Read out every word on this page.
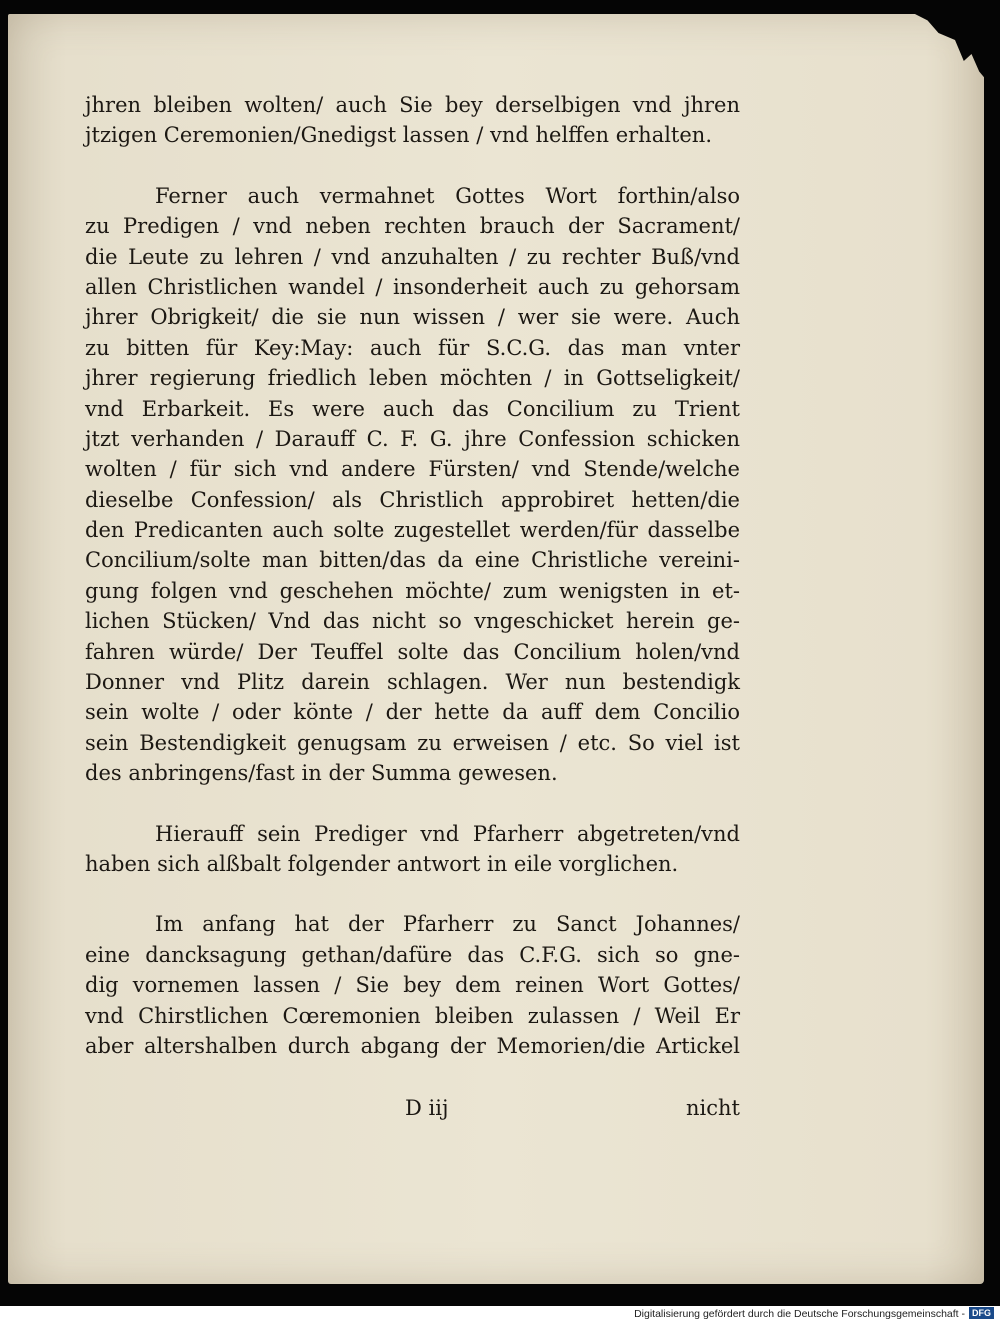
jhren bleiben wolten/ auch Sie bey derselbigen vnd jhren
jtzigen Ceremonien/Gnedigst lassen / vnd helffen erhalten.
Ferner auch vermahnet Gottes Wort forthin/also
zu Predigen / vnd neben rechten brauch der Sacrament/
die Leute zu lehren / vnd anzuhalten / zu rechter Buß/vnd
allen Christlichen wandel / insonderheit auch zu gehorsam
jhrer Obrigkeit/ die sie nun wissen / wer sie were. Auch
zu bitten für Key:May: auch für S.C.G. das man vnter
jhrer regierung friedlich leben möchten / in Gottseligkeit/
vnd Erbarkeit. Es were auch das Concilium zu Trient
jtzt verhanden / Darauff C. F. G. jhre Confession schicken
wolten / für sich vnd andere Fürsten/ vnd Stende/welche
dieselbe Confession/ als Christlich approbiret hetten/die
den Predicanten auch solte zugestellet werden/für dasselbe
Concilium/solte man bitten/das da eine Christliche vereini-
gung folgen vnd geschehen möchte/ zum wenigsten in et-
lichen Stücken/ Vnd das nicht so vngeschicket herein ge-
fahren würde/ Der Teuffel solte das Concilium holen/vnd
Donner vnd Plitz darein schlagen. Wer nun bestendigk
sein wolte / oder könte / der hette da auff dem Concilio
sein Bestendigkeit genugsam zu erweisen / etc. So viel ist
des anbringens/fast in der Summa gewesen.
Hierauff sein Prediger vnd Pfarherr abgetreten/vnd
haben sich alßbalt folgender antwort in eile vorglichen.
Im anfang hat der Pfarherr zu Sanct Johannes/
eine dancksagung gethan/dafüre das C.F.G. sich so gne-
dig vornemen lassen / Sie bey dem reinen Wort Gottes/
vnd Chirstlichen Cœremonien bleiben zulassen / Weil Er
aber altershalben durch abgang der Memorien/die Artickel
D iij	nicht
Digitalisierung gefördert durch die Deutsche Forschungsgemeinschaft - DFG
